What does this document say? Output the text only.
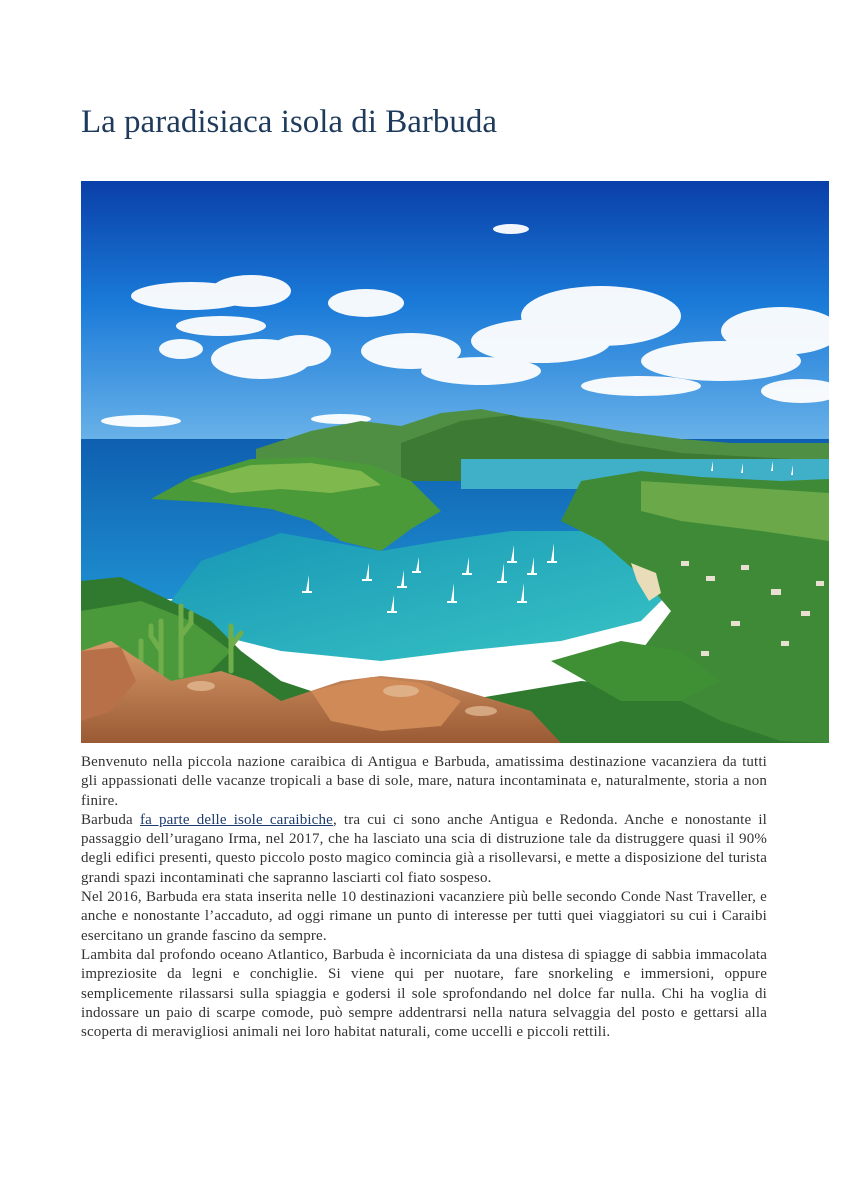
La paradisiaca isola di Barbuda

Benvenuto nella piccola nazione caraibica di Antigua e Barbuda, amatissima destinazione vacanziera da tutti gli appassionati delle vacanze tropicali a base di sole, mare, natura incontaminata e, naturalmente, storia a non finire.

Barbuda fa parte delle isole caraibiche, tra cui ci sono anche Antigua e Redonda. Anche e nonostante il passaggio dell’uragano Irma, nel 2017, che ha lasciato una scia di distruzione tale da distruggere quasi il 90% degli edifici presenti, questo piccolo posto magico comincia già a risollevarsi, e mette a disposizione del turista grandi spazi incontaminati che sapranno lasciarti col fiato sospeso.

Nel 2016, Barbuda era stata inserita nelle 10 destinazioni vacanziere più belle secondo Conde Nast Traveller, e anche e nonostante l’accaduto, ad oggi rimane un punto di interesse per tutti quei viaggiatori su cui i Caraibi esercitano un grande fascino da sempre.

Lambita dal profondo oceano Atlantico, Barbuda è incorniciata da una distesa di spiagge di sabbia immacolata impreziosite da legni e conchiglie. Si viene qui per nuotare, fare snorkeling e immersioni, oppure semplicemente rilassarsi sulla spiaggia e godersi il sole sprofondando nel dolce far nulla. Chi ha voglia di indossare un paio di scarpe comode, può sempre addentrarsi nella natura selvaggia del posto e gettarsi alla scoperta di meravigliosi animali nei loro habitat naturali, come uccelli e piccoli rettili.
